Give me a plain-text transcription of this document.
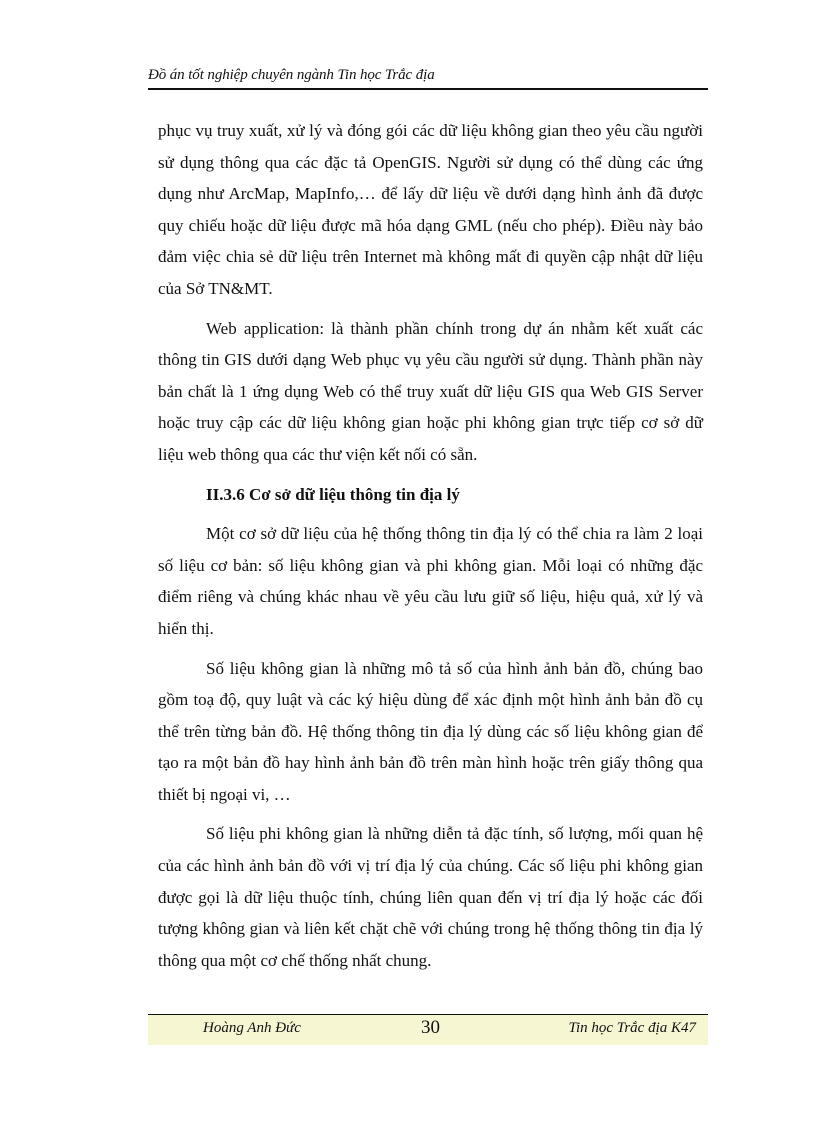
Đồ án tốt nghiệp chuyên ngành Tin học Trắc địa

phục vụ truy xuất, xử lý và đóng gói các dữ liệu không gian theo yêu cầu người sử dụng thông qua các đặc tả OpenGIS. Người sử dụng có thể dùng các ứng dụng như ArcMap, MapInfo,… để lấy dữ liệu về dưới dạng hình ảnh đã được quy chiếu hoặc dữ liệu được mã hóa dạng GML (nếu cho phép). Điều này bảo đảm việc chia sẻ dữ liệu trên Internet mà không mất đi quyền cập nhật dữ liệu của Sở TN&MT.

Web application: là thành phần chính trong dự án nhằm kết xuất các thông tin GIS dưới dạng Web phục vụ yêu cầu người sử dụng. Thành phần này bản chất là 1 ứng dụng Web có thể truy xuất dữ liệu GIS qua Web GIS Server hoặc truy cập các dữ liệu không gian hoặc phi không gian trực tiếp cơ sở dữ liệu web thông qua các thư viện kết nối có sẵn.

II.3.6 Cơ sở dữ liệu thông tin địa lý

Một cơ sở dữ liệu của hệ thống thông tin địa lý có thể chia ra làm 2 loại số liệu cơ bản: số liệu không gian và phi không gian. Mỗi loại có những đặc điểm riêng và chúng khác nhau về yêu cầu lưu giữ số liệu, hiệu quả, xử lý và hiển thị.

Số liệu không gian là những mô tả số của hình ảnh bản đồ, chúng bao gồm toạ độ, quy luật và các ký hiệu dùng để xác định một hình ảnh bản đồ cụ thể trên từng bản đồ. Hệ thống thông tin địa lý dùng các số liệu không gian để tạo ra một bản đồ hay hình ảnh bản đồ trên màn hình hoặc trên giấy thông qua thiết bị ngoại vi, …

Số liệu phi không gian là những diễn tả đặc tính, số lượng, mối quan hệ của các hình ảnh bản đồ với vị trí địa lý của chúng. Các số liệu phi không gian được gọi là dữ liệu thuộc tính, chúng liên quan đến vị trí địa lý hoặc các đối tượng không gian và liên kết chặt chẽ với chúng trong hệ thống thông tin địa lý thông qua một cơ chế thống nhất chung.

Hoàng Anh Đức	30	Tin học Trắc địa K47
